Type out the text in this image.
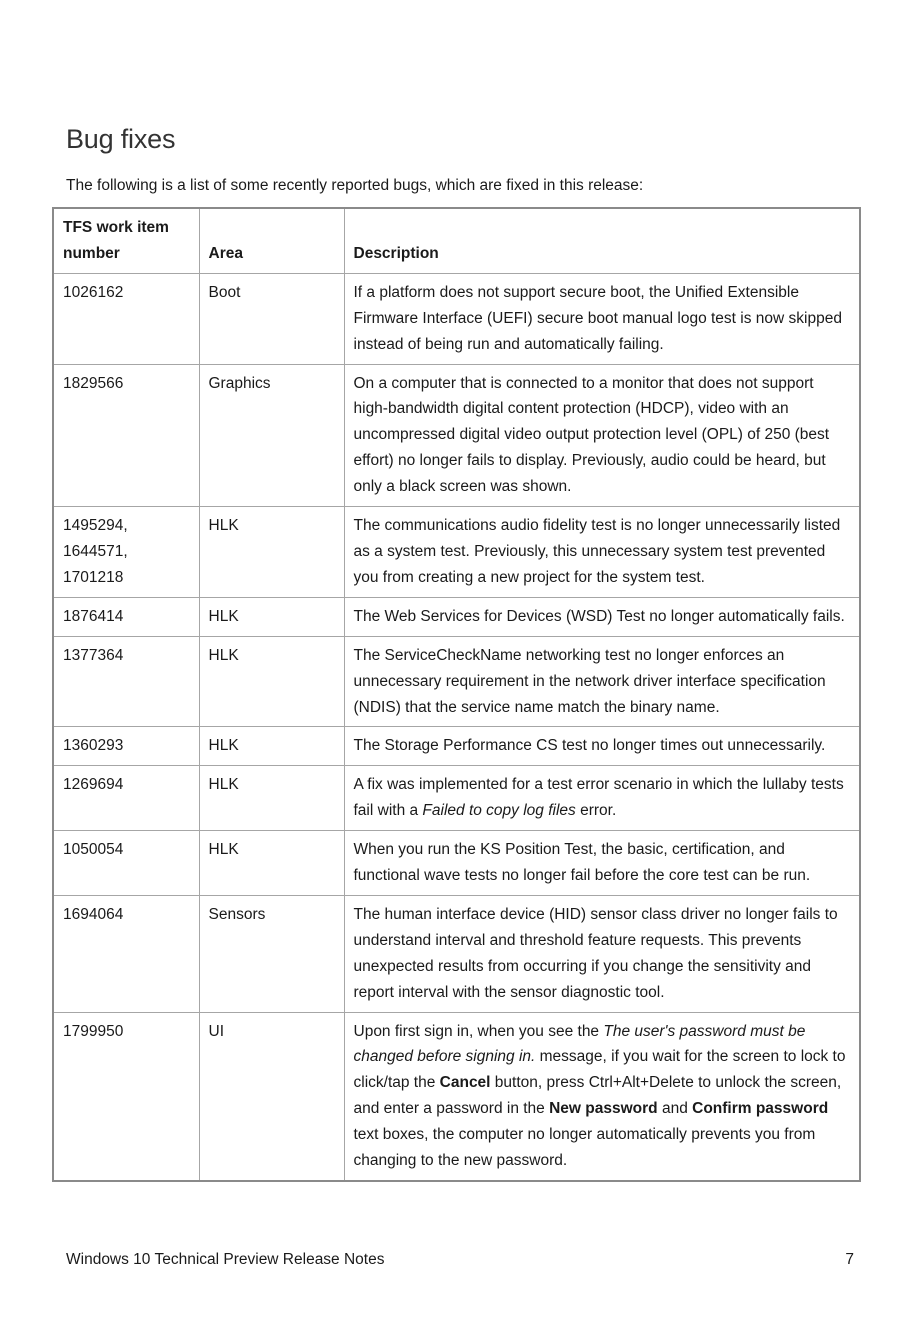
Bug fixes

The following is a list of some recently reported bugs, which are fixed in this release:

TFS work item
number	Area	Description
1026162	Boot	If a platform does not support secure boot, the Unified Extensible Firmware Interface (UEFI) secure boot manual logo test is now skipped instead of being run and automatically failing.
1829566	Graphics	On a computer that is connected to a monitor that does not support high-bandwidth digital content protection (HDCP), video with an uncompressed digital video output protection level (OPL) of 250 (best effort) no longer fails to display. Previously, audio could be heard, but only a black screen was shown.
1495294,
1644571,
1701218	HLK	The communications audio fidelity test is no longer unnecessarily listed as a system test. Previously, this unnecessary system test prevented you from creating a new project for the system test.
1876414	HLK	The Web Services for Devices (WSD) Test no longer automatically fails.
1377364	HLK	The ServiceCheckName networking test no longer enforces an unnecessary requirement in the network driver interface specification (NDIS) that the service name match the binary name.
1360293	HLK	The Storage Performance CS test no longer times out unnecessarily.
1269694	HLK	A fix was implemented for a test error scenario in which the lullaby tests fail with a Failed to copy log files error.
1050054	HLK	When you run the KS Position Test, the basic, certification, and functional wave tests no longer fail before the core test can be run.
1694064	Sensors	The human interface device (HID) sensor class driver no longer fails to understand interval and threshold feature requests. This prevents unexpected results from occurring if you change the sensitivity and report interval with the sensor diagnostic tool.
1799950	UI	Upon first sign in, when you see the The user's password must be changed before signing in. message, if you wait for the screen to lock to click/tap the Cancel button, press Ctrl+Alt+Delete to unlock the screen, and enter a password in the New password and Confirm password text boxes, the computer no longer automatically prevents you from changing to the new password.
Windows 10 Technical Preview Release Notes	7
